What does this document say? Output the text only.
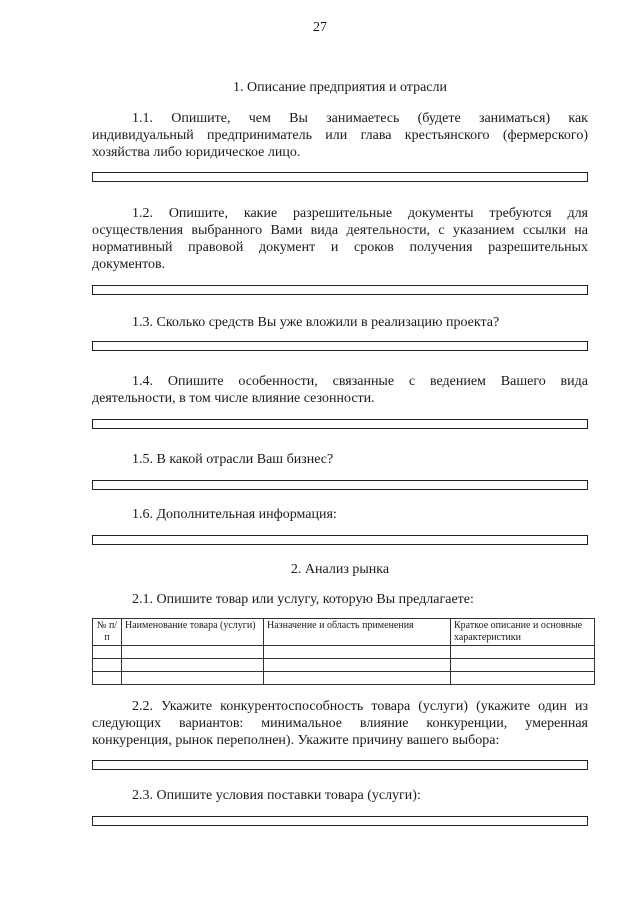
27
1. Описание предприятия и отрасли
1.1. Опишите, чем Вы занимаетесь (будете заниматься) как индивидуальный предприниматель или глава крестьянского (фермерского) хозяйства либо юридическое лицо.
1.2. Опишите, какие разрешительные документы требуются для осуществления выбранного Вами вида деятельности, с указанием ссылки на нормативный правовой документ и сроков получения разрешительных документов.
1.3. Сколько средств Вы уже вложили в реализацию проекта?
1.4. Опишите особенности, связанные с ведением Вашего вида деятельности, в том числе влияние сезонности.
1.5. В какой отрасли Ваш бизнес?
1.6. Дополнительная информация:
2. Анализ рынка
2.1. Опишите товар или услугу, которую Вы предлагаете:
№ п/п	Наименование товара (услуги)	Назначение и область применения	Краткое описание и основные характеристики

2.2. Укажите конкурентоспособность товара (услуги) (укажите один из следующих вариантов: минимальное влияние конкуренции, умеренная конкуренция, рынок переполнен). Укажите причину вашего выбора:
2.3. Опишите условия поставки товара (услуги):
